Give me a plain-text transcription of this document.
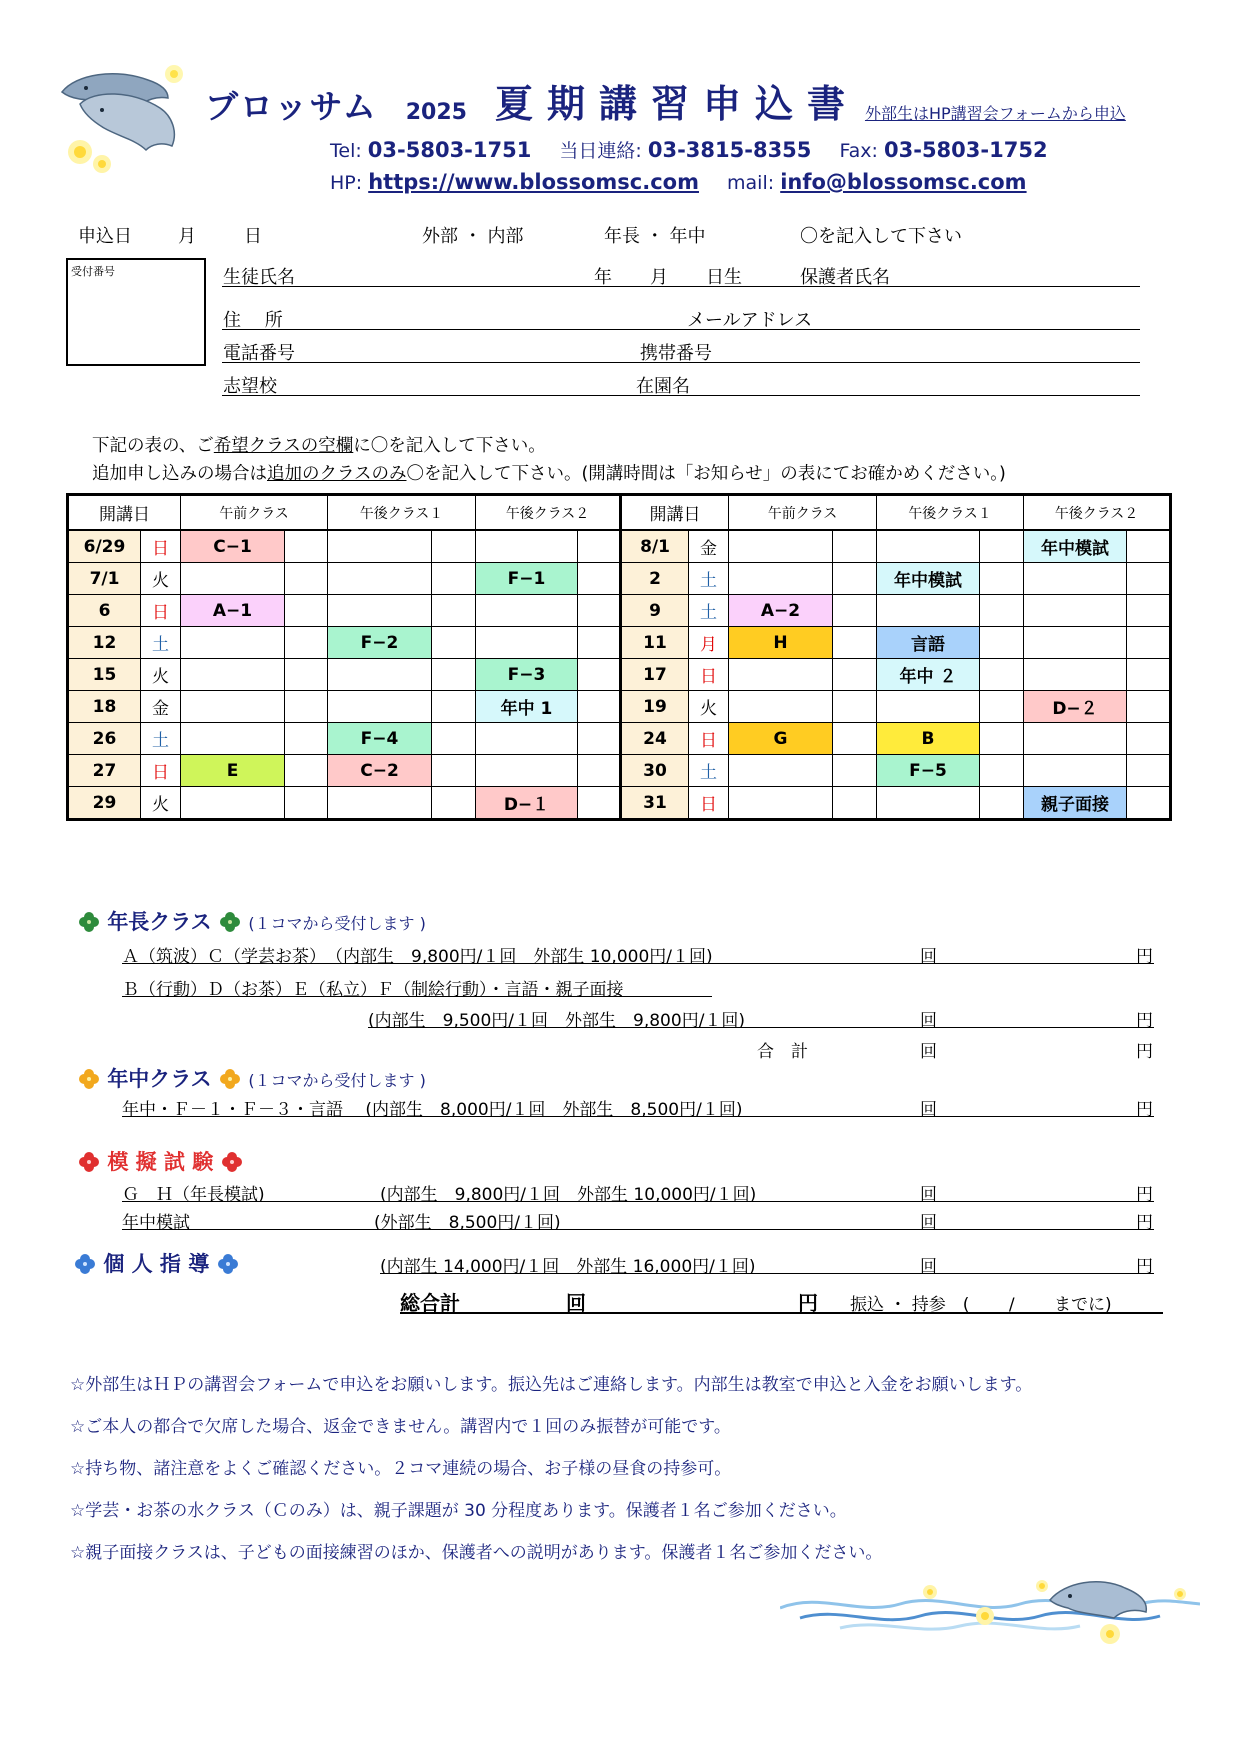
ブロッサム 2025 夏期講習申込書 外部生はHP講習会フォームから申込
Tel: 03-5803-1751 当日連絡: 03-3815-8355 Fax: 03-5803-1752
HP: https://www.blossomsc.com mail: info@blossomsc.com
申込日	月	日	外部 ・ 内部	年長 ・ 年中	〇を記入して下さい
受付番号	生徒氏名	年 月 日生	保護者氏名
住　 所	メールアドレス
電話番号	携帯番号
志望校	在園名
下記の表の、ご希望クラスの空欄に〇を記入して下さい。
追加申し込みの場合は追加のクラスのみ〇を記入して下さい。(開講時間は「お知らせ」の表にてお確かめください。)
開講日		午前クラス		午後クラス１		午後クラス２		開講日		午前クラス		午後クラス１		午後クラス２	
6/29	日	C−1						8/1	金					年中模試	
7/1	火					F−1		2	土			年中模試			
6	日	A−1						9	土	A−2					
12	土			F−2				11	月	H		言語			
15	火					F−3		17	日			年中 ２			
18	金					年中 1		19	火					D−２	
26	土			F−4				24	日	G		B			
27	日	E		C−2				30	土			F−5			
29	火					D−１		31	日					親子面接	
年長クラス (１コマから受付します )
Ａ（筑波）Ｃ（学芸お茶）　（内部生　9,800円/１回　外部生 10,000円/１回)	回	円
Ｂ（行動）Ｄ（お茶）Ｅ（私立）Ｆ（制絵行動）・言語・親子面接
(内部生　9,500円/１回　外部生　9,800円/１回)	回	円
合　計	回	円
年中クラス (１コマから受付します )
年中・Ｆ－１・Ｆ－３・言語　 (内部生　8,000円/１回　外部生　8,500円/１回)	回	円
模 擬 試 験
Ｇ　Ｈ（年長模試)	(内部生　9,800円/１回　外部生 10,000円/１回)	回	円
年中模試	(外部生　8,500円/１回)	回	円
個 人 指 導	(内部生 14,000円/１回　外部生 16,000円/１回)	回	円
総合計	回	円 振込 ・ 持参　(　　 /　　 までに)
☆外部生はＨＰの講習会フォームで申込をお願いします。振込先はご連絡します。内部生は教室で申込と入金をお願いします。
☆ご本人の都合で欠席した場合、返金できません。講習内で１回のみ振替が可能です。
☆持ち物、諸注意をよくご確認ください。２コマ連続の場合、お子様の昼食の持参可。
☆学芸・お茶の水クラス（Ｃのみ）は、親子課題が 30 分程度あります。保護者１名ご参加ください。
☆親子面接クラスは、子どもの面接練習のほか、保護者への説明があります。保護者１名ご参加ください。
